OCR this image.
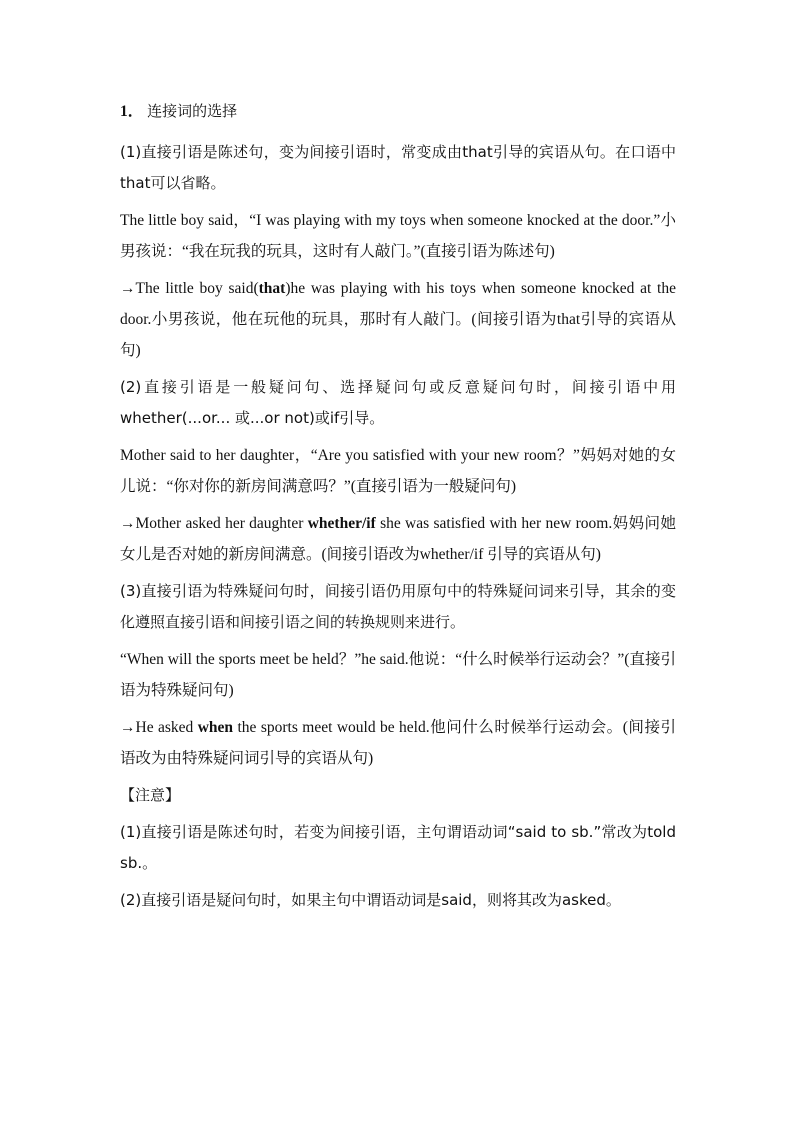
1． 连接词的选择

(1)直接引语是陈述句，变为间接引语时，常变成由that引导的宾语从句。在口语中that可以省略。

The little boy said，“I was playing with my toys when someone knocked at the door.”小男孩说：“我在玩我的玩具，这时有人敲门。”(直接引语为陈述句)

→The little boy said(that)he was playing with his toys when someone knocked at the door.小男孩说，他在玩他的玩具，那时有人敲门。(间接引语为that引导的宾语从句)

(2)直接引语是一般疑问句、选择疑问句或反意疑问句时，间接引语中用whether(...or... 或...or not)或if引导。

Mother said to her daughter，“Are you satisfied with your new room？”妈妈对她的女儿说：“你对你的新房间满意吗？”(直接引语为一般疑问句)

→Mother asked her daughter whether/if she was satisfied with her new room.妈妈问她女儿是否对她的新房间满意。(间接引语改为whether/if 引导的宾语从句)

(3)直接引语为特殊疑问句时，间接引语仍用原句中的特殊疑问词来引导，其余的变化遵照直接引语和间接引语之间的转换规则来进行。

“When will the sports meet be held？”he said.他说：“什么时候举行运动会？”(直接引语为特殊疑问句)

→He asked when the sports meet would be held.他问什么时候举行运动会。(间接引语改为由特殊疑问词引导的宾语从句)

【注意】

(1)直接引语是陈述句时，若变为间接引语，主句谓语动词“said to sb.”常改为told sb.。

(2)直接引语是疑问句时，如果主句中谓语动词是said，则将其改为asked。
